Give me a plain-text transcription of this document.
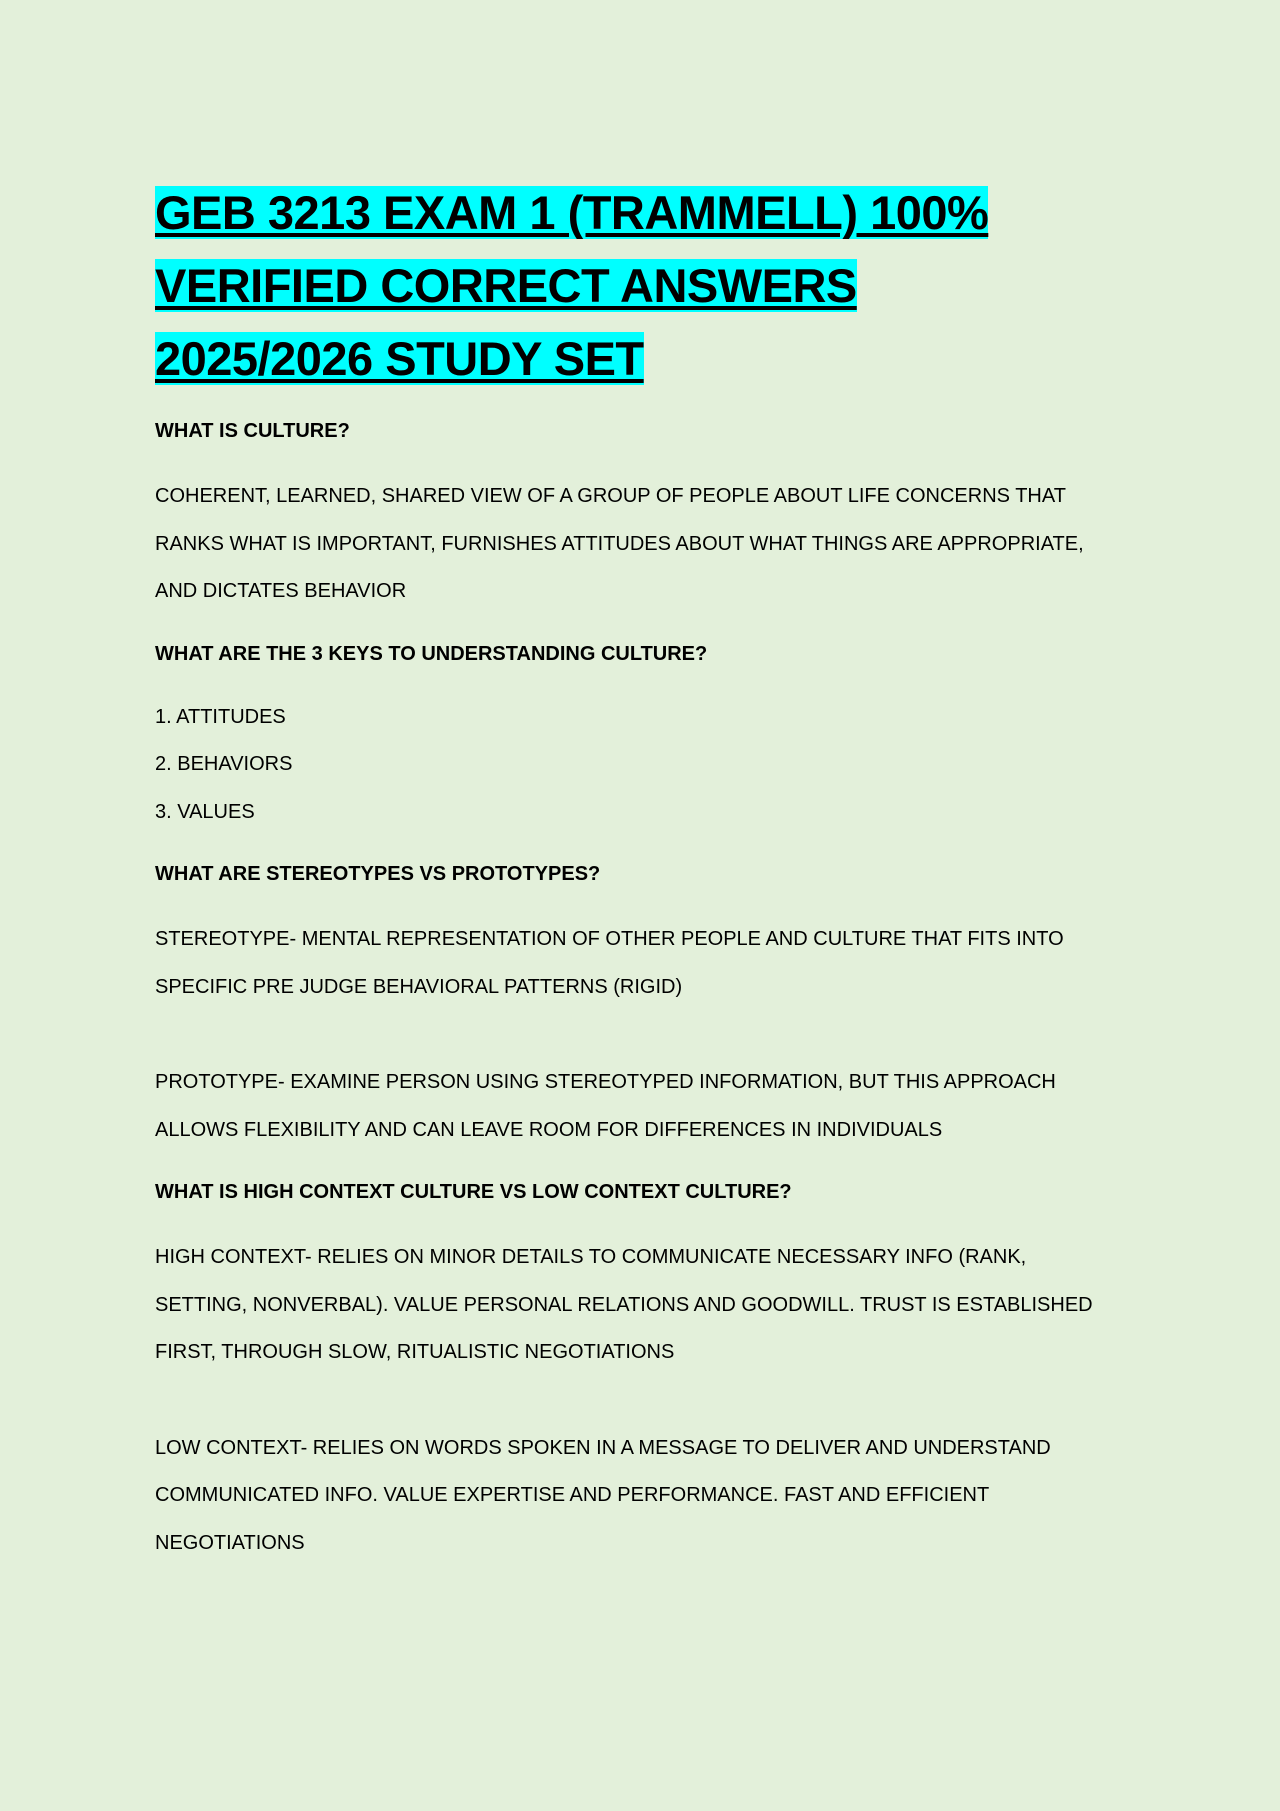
GEB 3213 EXAM 1 (TRAMMELL) 100%
VERIFIED CORRECT ANSWERS
2025/2026 STUDY SET

WHAT IS CULTURE?

COHERENT, LEARNED, SHARED VIEW OF A GROUP OF PEOPLE ABOUT LIFE CONCERNS THAT RANKS WHAT IS IMPORTANT, FURNISHES ATTITUDES ABOUT WHAT THINGS ARE APPROPRIATE, AND DICTATES BEHAVIOR

WHAT ARE THE 3 KEYS TO UNDERSTANDING CULTURE?

1. ATTITUDES
2. BEHAVIORS
3. VALUES

WHAT ARE STEREOTYPES VS PROTOTYPES?

STEREOTYPE- MENTAL REPRESENTATION OF OTHER PEOPLE AND CULTURE THAT FITS INTO SPECIFIC PRE JUDGE BEHAVIORAL PATTERNS (RIGID)

PROTOTYPE- EXAMINE PERSON USING STEREOTYPED INFORMATION, BUT THIS APPROACH ALLOWS FLEXIBILITY AND CAN LEAVE ROOM FOR DIFFERENCES IN INDIVIDUALS

WHAT IS HIGH CONTEXT CULTURE VS LOW CONTEXT CULTURE?

HIGH CONTEXT- RELIES ON MINOR DETAILS TO COMMUNICATE NECESSARY INFO (RANK, SETTING, NONVERBAL). VALUE PERSONAL RELATIONS AND GOODWILL. TRUST IS ESTABLISHED FIRST, THROUGH SLOW, RITUALISTIC NEGOTIATIONS

LOW CONTEXT- RELIES ON WORDS SPOKEN IN A MESSAGE TO DELIVER AND UNDERSTAND COMMUNICATED INFO. VALUE EXPERTISE AND PERFORMANCE. FAST AND EFFICIENT NEGOTIATIONS
